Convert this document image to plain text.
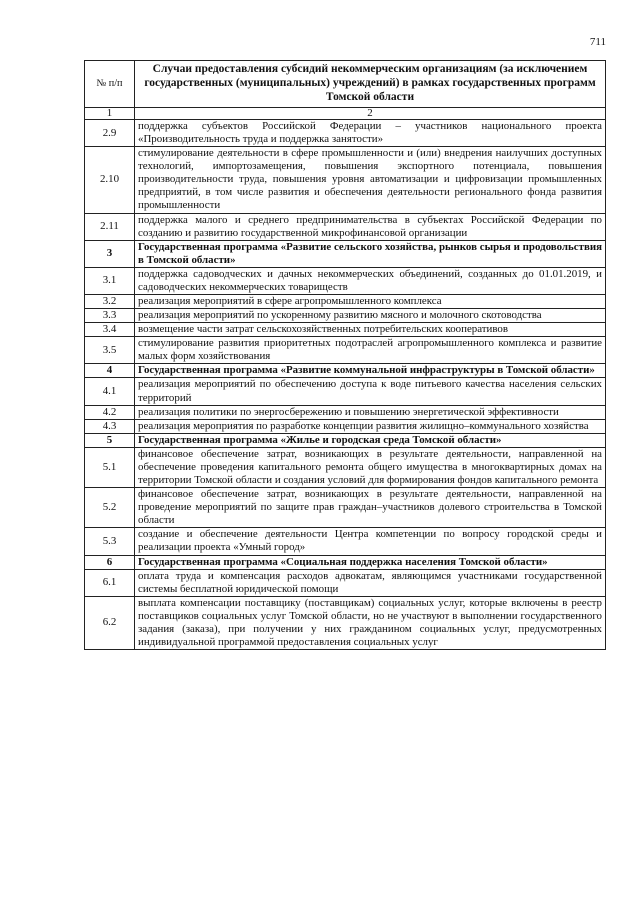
711
№ п/п	Случаи предоставления субсидий некоммерческим организациям (за исключением государственных (муниципальных) учреждений) в рамках государственных программ Томской области
1	2
2.9	поддержка субъектов Российской Федерации – участников национального проекта «Производительность труда и поддержка занятости»
2.10	стимулирование деятельности в сфере промышленности и (или) внедрения наилучших доступных технологий, импортозамещения, повышения экспортного потенциала, повышения производительности труда, повышения уровня автоматизации и цифровизации промышленных предприятий, в том числе развития и обеспечения деятельности регионального фонда развития промышленности
2.11	поддержка малого и среднего предпринимательства в субъектах Российской Федерации по созданию и развитию государственной микрофинансовой организации
3	Государственная программа «Развитие сельского хозяйства, рынков сырья и продовольствия в Томской области»
3.1	поддержка садоводческих и дачных некоммерческих объединений, созданных до 01.01.2019, и садоводческих некоммерческих товариществ
3.2	реализация мероприятий в сфере агропромышленного комплекса
3.3	реализация мероприятий по ускоренному развитию мясного и молочного скотоводства
3.4	возмещение части затрат сельскохозяйственных потребительских кооперативов
3.5	стимулирование развития приоритетных подотраслей агропромышленного комплекса и развитие малых форм хозяйствования
4	Государственная программа «Развитие коммунальной инфраструктуры в Томской области»
4.1	реализация мероприятий по обеспечению доступа к воде питьевого качества населения сельских территорий
4.2	реализация политики по энергосбережению и повышению энергетической эффективности
4.3	реализация мероприятия по разработке концепции развития жилищно–коммунального хозяйства
5	Государственная программа «Жилье и городская среда Томской области»
5.1	финансовое обеспечение затрат, возникающих в результате деятельности, направленной на обеспечение проведения капитального ремонта общего имущества в многоквартирных домах на территории Томской области и создания условий для формирования фондов капитального ремонта
5.2	финансовое обеспечение затрат, возникающих в результате деятельности, направленной на проведение мероприятий по защите прав граждан–участников долевого строительства в Томской области
5.3	создание и обеспечение деятельности Центра компетенции по вопросу городской среды и реализации проекта «Умный город»
6	Государственная программа «Социальная поддержка населения Томской области»
6.1	оплата труда и компенсация расходов адвокатам, являющимся участниками государственной системы бесплатной юридической помощи
6.2	выплата компенсации поставщику (поставщикам) социальных услуг, которые включены в реестр поставщиков социальных услуг Томской области, но не участвуют в выполнении государственного задания (заказа), при получении у них гражданином социальных услуг, предусмотренных индивидуальной программой предоставления социальных услуг
